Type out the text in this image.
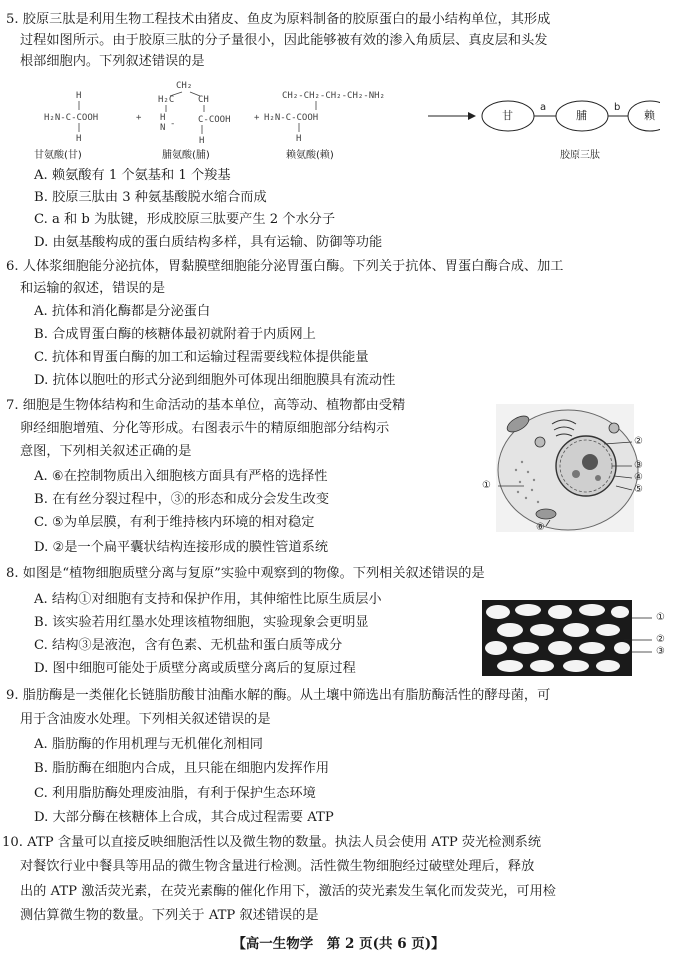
5. 胶原三肽是利用生物工程技术由猪皮、鱼皮为原料制备的胶原蛋白的最小结构单位，其形成
过程如图所示。由于胶原三肽的分子量很小，因此能够被有效的渗入角质层、真皮层和头发
根部细胞内。下列叙述错误的是
H
H₂N-C-COOH
H
+
CH₂
H₂C	CH
H
N -	C-COOH
H
+
CH₂-CH₂-CH₂-CH₂-NH₂
H₂N-C-COOH
H
甘氨酸(甘)	脯氨酸(脯)	赖氨酸(赖)
甘	脯	赖
a	b
胶原三肽
A. 赖氨酸有 1 个氨基和 1 个羧基
B. 胶原三肽由 3 种氨基酸脱水缩合而成
C. a 和 b 为肽键，形成胶原三肽要产生 2 个水分子
D. 由氨基酸构成的蛋白质结构多样，具有运输、防御等功能
6. 人体浆细胞能分泌抗体，胃黏膜壁细胞能分泌胃蛋白酶。下列关于抗体、胃蛋白酶合成、加工
和运输的叙述，错误的是
A. 抗体和消化酶都是分泌蛋白
B. 合成胃蛋白酶的核糖体最初就附着于内质网上
C. 抗体和胃蛋白酶的加工和运输过程需要线粒体提供能量
D. 抗体以胞吐的形式分泌到细胞外可体现出细胞膜具有流动性
7. 细胞是生物体结构和生命活动的基本单位，高等动、植物都由受精
卵经细胞增殖、分化等形成。右图表示牛的精原细胞部分结构示
意图，下列相关叙述正确的是
A. ⑥在控制物质出入细胞核方面具有严格的选择性
B. 在有丝分裂过程中，③的形态和成分会发生改变
C. ⑤为单层膜，有利于维持核内环境的相对稳定
D. ②是一个扁平囊状结构连接形成的膜性管道系统
①
②
③
④
⑤
⑥
8. 如图是“植物细胞质壁分离与复原”实验中观察到的物像。下列相关叙述错误的是
A. 结构①对细胞有支持和保护作用，其伸缩性比原生质层小
B. 该实验若用红墨水处理该植物细胞，实验现象会更明显
C. 结构③是液泡，含有色素、无机盐和蛋白质等成分
D. 图中细胞可能处于质壁分离或质壁分离后的复原过程
①
②
③
9. 脂肪酶是一类催化长链脂肪酸甘油酯水解的酶。从土壤中筛选出有脂肪酶活性的酵母菌，可
用于含油废水处理。下列相关叙述错误的是
A. 脂肪酶的作用机理与无机催化剂相同
B. 脂肪酶在细胞内合成，且只能在细胞内发挥作用
C. 利用脂肪酶处理废油脂，有利于保护生态环境
D. 大部分酶在核糖体上合成，其合成过程需要 ATP
10. ATP 含量可以直接反映细胞活性以及微生物的数量。执法人员会使用 ATP 荧光检测系统
对餐饮行业中餐具等用品的微生物含量进行检测。活性微生物细胞经过破壁处理后，释放
出的 ATP 激活荧光素，在荧光素酶的催化作用下，激活的荧光素发生氧化而发荧光，可用检
测估算微生物的数量。下列关于 ATP 叙述错误的是
【高一生物学　第 2 页(共 6 页)】
